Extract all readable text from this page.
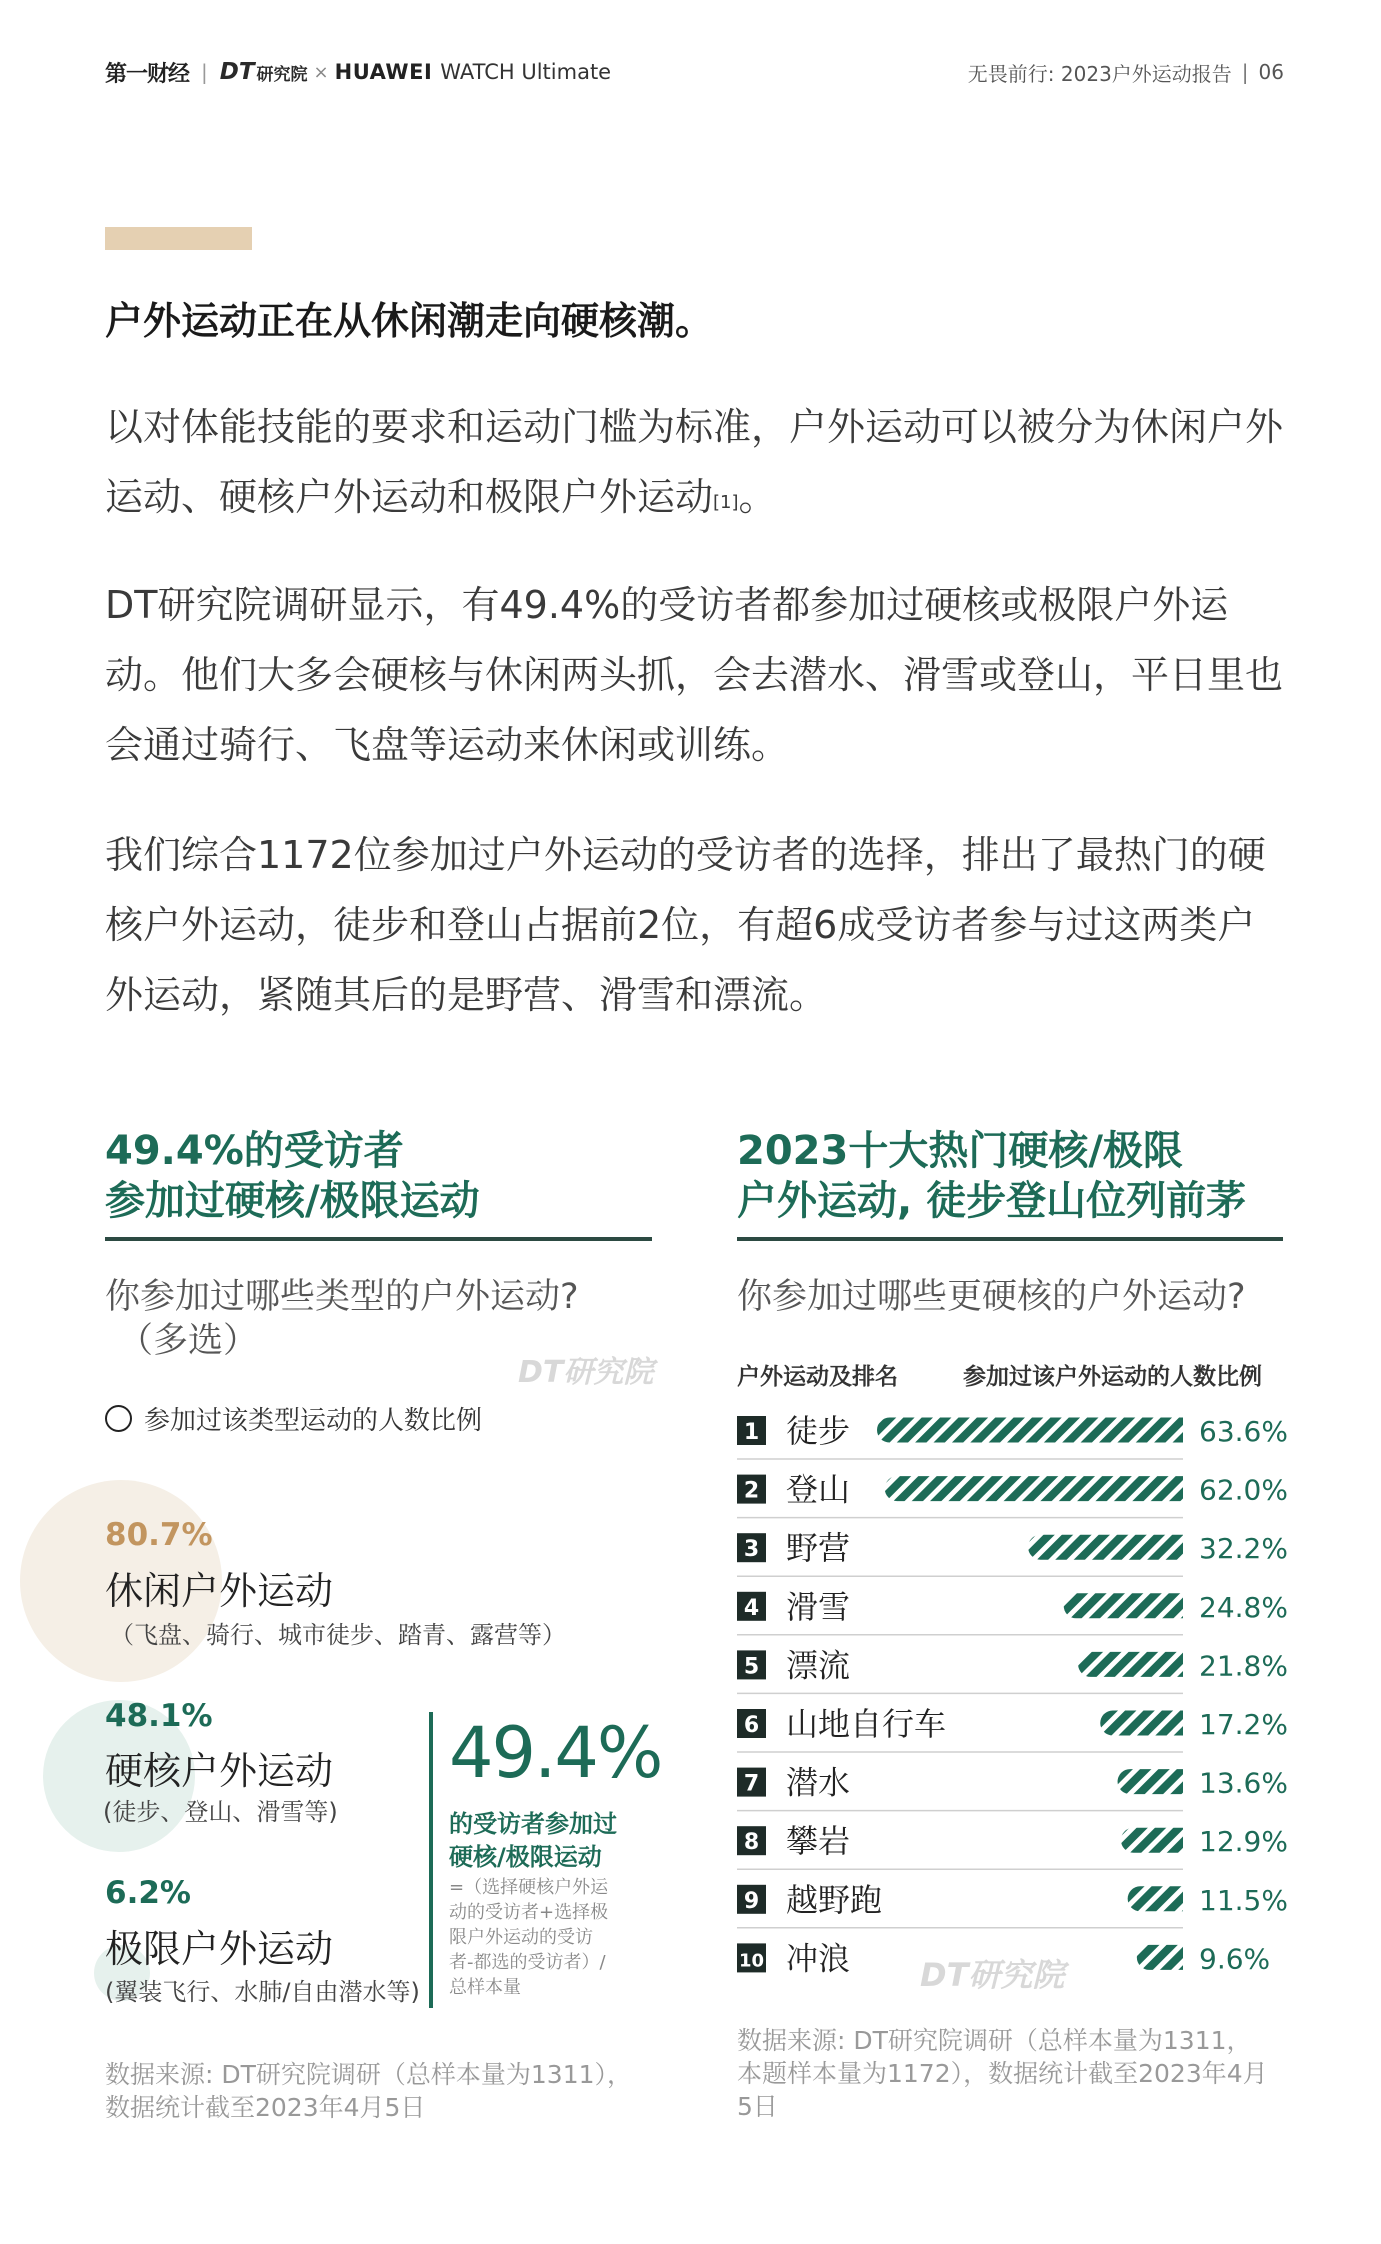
第一财经 | DT 研究院 × HUAWEI WATCH Ultimate	无畏前行: 2023户外运动报告 | 06
户外运动正在从休闲潮走向硬核潮。
以对体能技能的要求和运动门槛为标准，户外运动可以被分为休闲户外运动、硬核户外运动和极限户外运动[1]。
DT研究院调研显示，有49.4%的受访者都参加过硬核或极限户外运动。他们大多会硬核与休闲两头抓，会去潜水、滑雪或登山，平日里也会通过骑行、飞盘等运动来休闲或训练。
我们综合1172位参加过户外运动的受访者的选择，排出了最热门的硬核户外运动，徒步和登山占据前2位，有超6成受访者参与过这两类户外运动，紧随其后的是野营、滑雪和漂流。
49.4%的受访者
参加过硬核/极限运动
你参加过哪些类型的户外运动?
（多选）
DT研究院
参加过该类型运动的人数比例
80.7%
休闲户外运动
（飞盘、骑行、城市徒步、踏青、露营等）
48.1%
硬核户外运动
(徒步、登山、滑雪等)
6.2%
极限户外运动
(翼装飞行、水肺/自由潜水等)
49.4%
的受访者参加过
硬核/极限运动
=（选择硬核户外运
动的受访者+选择极
限户外运动的受访
者-都选的受访者）/
总样本量
数据来源: DT研究院调研（总样本量为1311），
数据统计截至2023年4月5日
2023十大热门硬核/极限
户外运动, 徒步登山位列前茅
你参加过哪些更硬核的户外运动?
户外运动及排名	参加过该户外运动的人数比例
1 徒步	63.6%
2 登山	62.0%
3 野营	32.2%
4 滑雪	24.8%
5 漂流	21.8%
6 山地自行车	17.2%
7 潜水	13.6%
8 攀岩	12.9%
9 越野跑	11.5%
10 冲浪	9.6%
DT研究院
数据来源: DT研究院调研（总样本量为1311，
本题样本量为1172），数据统计截至2023年4月
5日
